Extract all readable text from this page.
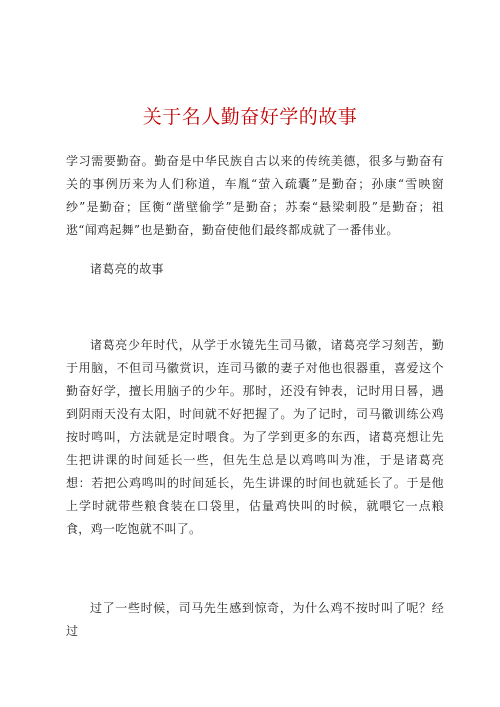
关于名人勤奋好学的故事

学习需要勤奋。勤奋是中华民族自古以来的传统美德，很多与勤奋有关的事例历来为人们称道，车胤“萤入疏囊”是勤奋；孙康“雪映窗纱”是勤奋；匡衡“凿壁偷学”是勤奋；苏秦“悬梁刺股”是勤奋；祖逖“闻鸡起舞”也是勤奋，勤奋使他们最终都成就了一番伟业。

诸葛亮的故事

诸葛亮少年时代，从学于水镜先生司马徽，诸葛亮学习刻苦，勤于用脑，不但司马徽赏识，连司马徽的妻子对他也很器重，喜爱这个勤奋好学，擅长用脑子的少年。那时，还没有钟表，记时用日晷，遇到阴雨天没有太阳，时间就不好把握了。为了记时，司马徽训练公鸡按时鸣叫，方法就是定时喂食。为了学到更多的东西，诸葛亮想让先生把讲课的时间延长一些，但先生总是以鸡鸣叫为准，于是诸葛亮想：若把公鸡鸣叫的时间延长，先生讲课的时间也就延长了。于是他上学时就带些粮食装在口袋里，估量鸡快叫的时候，就喂它一点粮食，鸡一吃饱就不叫了。

过了一些时候，司马先生感到惊奇，为什么鸡不按时叫了呢？经过
